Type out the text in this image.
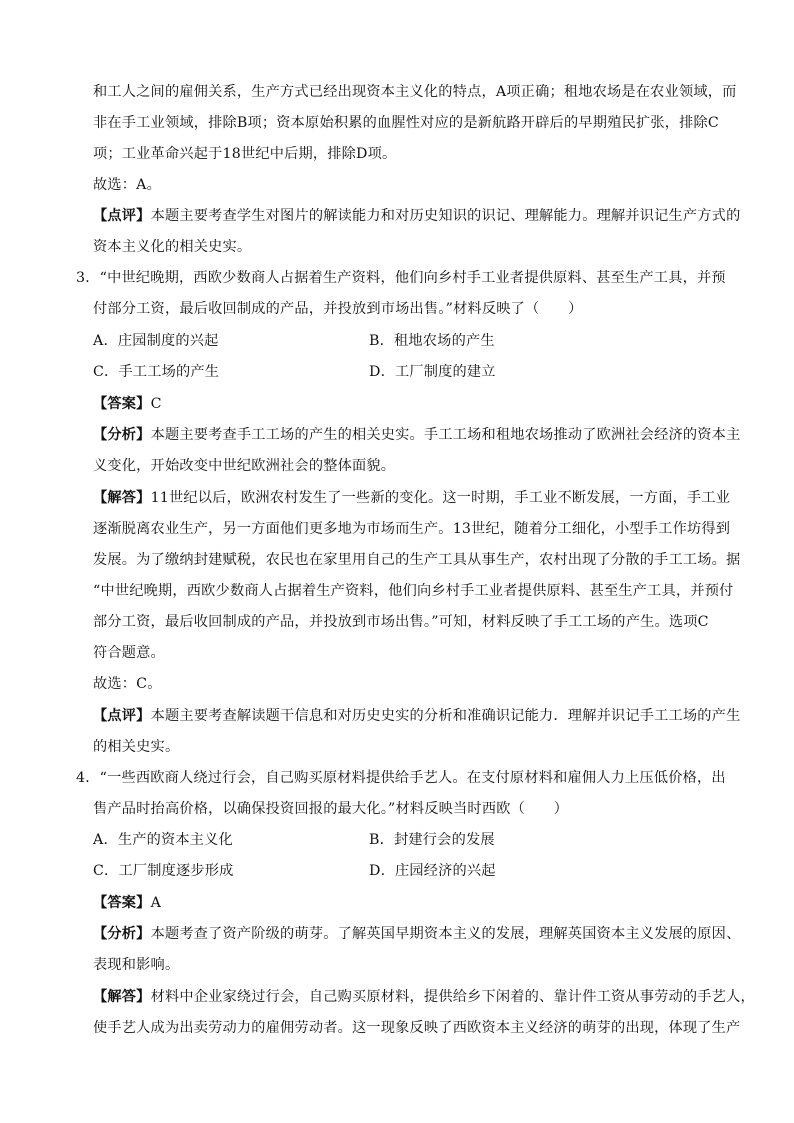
和工人之间的雇佣关系，生产方式已经出现资本主义化的特点，A项正确；租地农场是在农业领域，而
非在手工业领域，排除B项；资本原始积累的血腥性对应的是新航路开辟后的早期殖民扩张，排除C
项；工业革命兴起于18世纪中后期，排除D项。
故选：A。
【点评】本题主要考查学生对图片的解读能力和对历史知识的识记、理解能力。理解并识记生产方式的
资本主义化的相关史实。
3．“中世纪晚期，西欧少数商人占据着生产资料，他们向乡村手工业者提供原料、甚至生产工具，并预
付部分工资，最后收回制成的产品，并投放到市场出售。”材料反映了（　　）
A．庄园制度的兴起	B．租地农场的产生
C．手工工场的产生	D．工厂制度的建立
【答案】C
【分析】本题主要考查手工工场的产生的相关史实。手工工场和租地农场推动了欧洲社会经济的资本主
义变化，开始改变中世纪欧洲社会的整体面貌。
【解答】11世纪以后，欧洲农村发生了一些新的变化。这一时期，手工业不断发展，一方面，手工业
逐渐脱离农业生产，另一方面他们更多地为市场而生产。13世纪，随着分工细化，小型手工作坊得到
发展。为了缴纳封建赋税，农民也在家里用自己的生产工具从事生产，农村出现了分散的手工工场。据
“中世纪晚期，西欧少数商人占据着生产资料，他们向乡村手工业者提供原料、甚至生产工具，并预付
部分工资，最后收回制成的产品，并投放到市场出售。”可知，材料反映了手工工场的产生。选项C
符合题意。
故选：C。
【点评】本题主要考查解读题干信息和对历史史实的分析和准确识记能力．理解并识记手工工场的产生
的相关史实。
4．“一些西欧商人绕过行会，自己购买原材料提供给手艺人。在支付原材料和雇佣人力上压低价格，出
售产品时抬高价格，以确保投资回报的最大化。”材料反映当时西欧（　　）
A．生产的资本主义化	B．封建行会的发展
C．工厂制度逐步形成	D．庄园经济的兴起
【答案】A
【分析】本题考查了资产阶级的萌芽。了解英国早期资本主义的发展，理解英国资本主义发展的原因、
表现和影响。
【解答】材料中企业家绕过行会，自己购买原材料，提供给乡下闲着的、靠计件工资从事劳动的手艺人，
使手艺人成为出卖劳动力的雇佣劳动者。这一现象反映了西欧资本主义经济的萌芽的出现，体现了生产
